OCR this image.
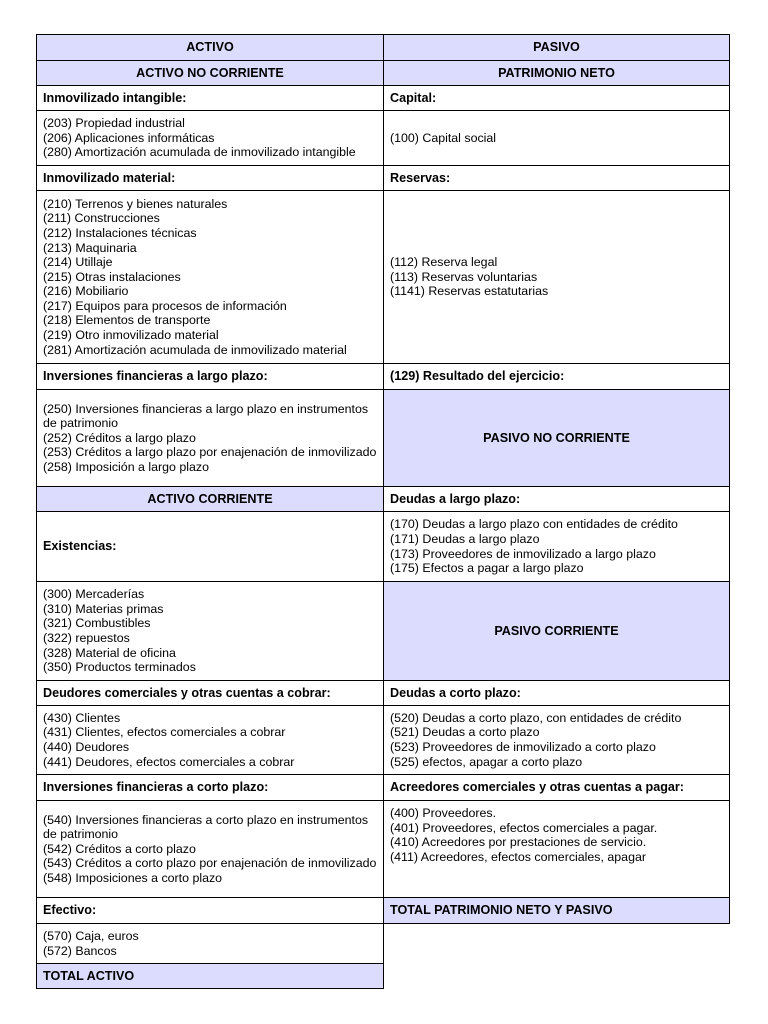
ACTIVO
ACTIVO NO CORRIENTE
Inmovilizado intangible:
(203) Propiedad industrial
(206) Aplicaciones informáticas
(280) Amortización acumulada de inmovilizado intangible
Inmovilizado material:
(210) Terrenos y bienes naturales
(211) Construcciones
(212) Instalaciones técnicas
(213) Maquinaria
(214) Utillaje
(215) Otras instalaciones
(216) Mobiliario
(217) Equipos para procesos de información
(218) Elementos de transporte
(219) Otro inmovilizado material
(281) Amortización acumulada de inmovilizado material
Inversiones financieras a largo plazo:
(250) Inversiones financieras a largo plazo en instrumentos de patrimonio
(252) Créditos a largo plazo
(253) Créditos a largo plazo por enajenación de inmovilizado
(258) Imposición a largo plazo
ACTIVO CORRIENTE
Existencias:
(300) Mercaderías
(310) Materias primas
(321) Combustibles
(322) repuestos
(328) Material de oficina
(350) Productos terminados
Deudores comerciales y otras cuentas a cobrar:
(430) Clientes
(431) Clientes, efectos comerciales a cobrar
(440) Deudores
(441) Deudores, efectos comerciales a cobrar
Inversiones financieras a corto plazo:
(540) Inversiones financieras a corto plazo en instrumentos de patrimonio
(542) Créditos a corto plazo
(543) Créditos a corto plazo por enajenación de inmovilizado
(548) Imposiciones a corto plazo
Efectivo:
(570) Caja, euros
(572) Bancos
TOTAL ACTIVO
PASIVO
PATRIMONIO NETO
Capital:
(100) Capital social
Reservas:
(112) Reserva legal
(113) Reservas voluntarias
(1141) Reservas estatutarias
(129) Resultado del ejercicio:
PASIVO NO CORRIENTE
Deudas a largo plazo:
(170) Deudas a largo plazo con entidades de crédito
(171) Deudas a largo plazo
(173) Proveedores de inmovilizado a largo plazo
(175) Efectos a pagar a largo plazo
PASIVO CORRIENTE
Deudas a corto plazo:
(520) Deudas a corto plazo, con entidades de crédito
(521) Deudas a corto plazo
(523) Proveedores de inmovilizado a corto plazo
(525) efectos, apagar a corto plazo
Acreedores comerciales y otras cuentas a pagar:
(400) Proveedores.
(401) Proveedores, efectos comerciales a pagar.
(410) Acreedores por prestaciones de servicio.
(411) Acreedores, efectos comerciales, apagar
TOTAL PATRIMONIO NETO Y PASIVO
